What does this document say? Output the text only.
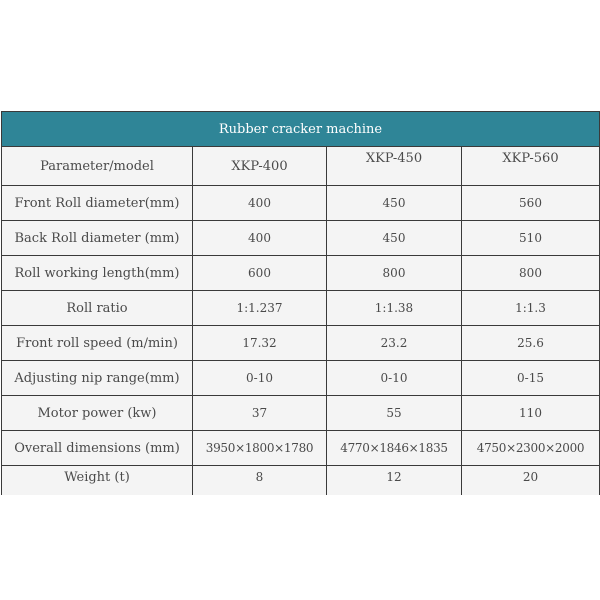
Rubber cracker machine			
Parameter/model	XKP-400	XKP-450	XKP-560
Front Roll diameter(mm)	400	450	560
Back Roll diameter (mm)	400	450	510
Roll working length(mm)	600	800	800
Roll ratio	1:1.237	1:1.38	1:1.3
Front roll speed (m/min)	17.32	23.2	25.6
Adjusting nip range(mm)	0-10	0-10	0-15
Motor power (kw)	37	55	110
Overall dimensions (mm)	3950×1800×1780	4770×1846×1835	4750×2300×2000
Weight (t)	8	12	20
